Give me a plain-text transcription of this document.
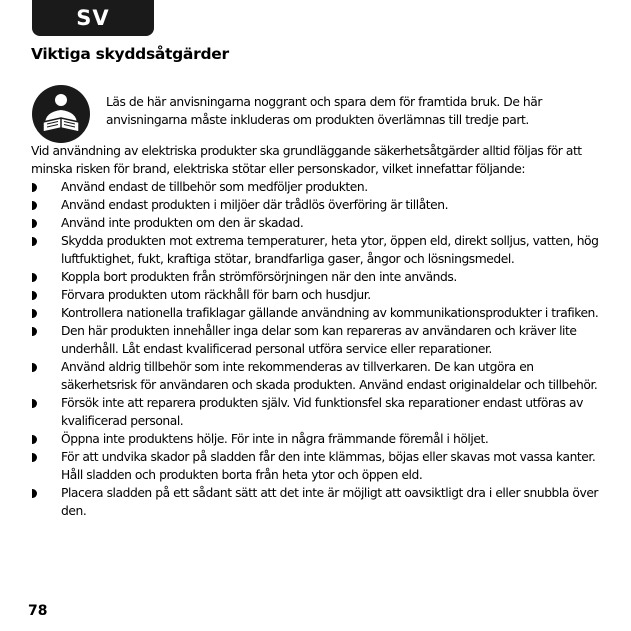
SV
Viktiga skyddsåtgärder
Läs de här anvisningarna noggrant och spara dem för framtida bruk. De här anvisningarna måste inkluderas om produkten överlämnas till tredje part.

Vid användning av elektriska produkter ska grundläggande säkerhetsåtgärder alltid följas för att minska risken för brand, elektriska stötar eller personskador, vilket innefattar följande:

Använd endast de tillbehör som medföljer produkten.
Använd endast produkten i miljöer där trådlös överföring är tillåten.
Använd inte produkten om den är skadad.
Skydda produkten mot extrema temperaturer, heta ytor, öppen eld, direkt solljus, vatten, hög luftfuktighet, fukt, kraftiga stötar, brandfarliga gaser, ångor och lösningsmedel.
Koppla bort produkten från strömförsörjningen när den inte används.
Förvara produkten utom räckhåll för barn och husdjur.
Kontrollera nationella trafiklagar gällande användning av kommunikationsprodukter i trafiken.
Den här produkten innehåller inga delar som kan repareras av användaren och kräver lite underhåll. Låt endast kvalificerad personal utföra service eller reparationer.
Använd aldrig tillbehör som inte rekommenderas av tillverkaren. De kan utgöra en säkerhetsrisk för användaren och skada produkten. Använd endast originaldelar och tillbehör.
Försök inte att reparera produkten själv. Vid funktionsfel ska reparationer endast utföras av kvalificerad personal.
Öppna inte produktens hölje. För inte in några främmande föremål i höljet.
För att undvika skador på sladden får den inte klämmas, böjas eller skavas mot vassa kanter. Håll sladden och produkten borta från heta ytor och öppen eld.
Placera sladden på ett sådant sätt att det inte är möjligt att oavsiktligt dra i eller snubbla över den.
78
